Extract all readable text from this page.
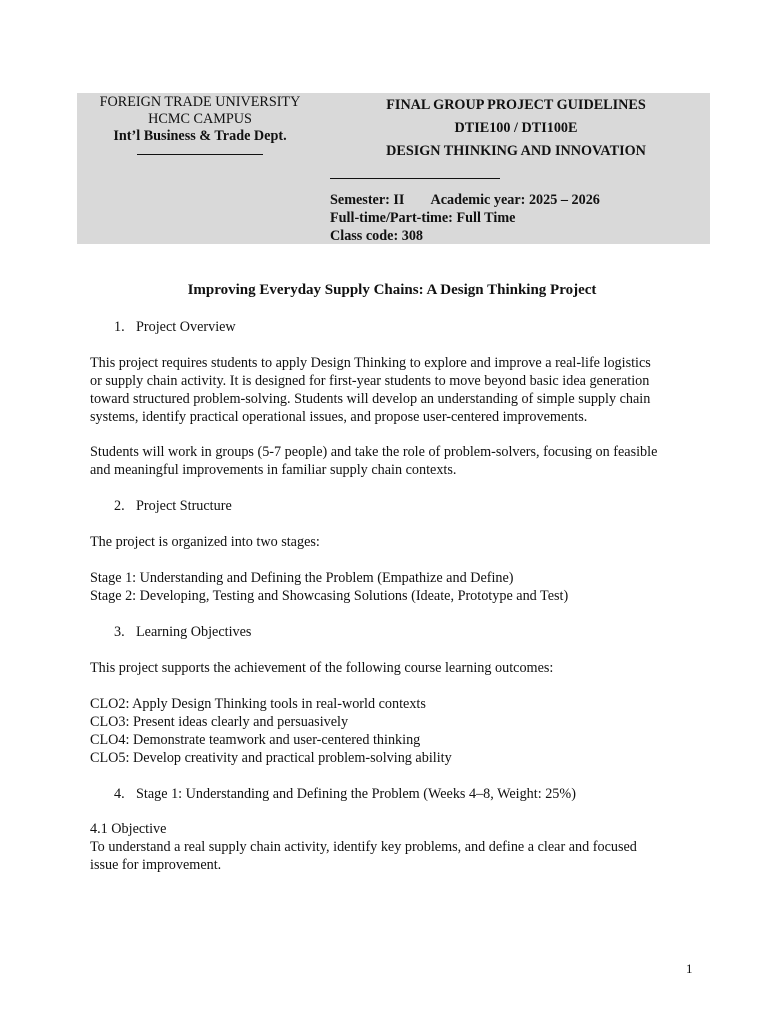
FOREIGN TRADE UNIVERSITY
HCMC CAMPUS
Int’l Business & Trade Dept.
FINAL GROUP PROJECT GUIDELINES
DTIE100 / DTI100E
DESIGN THINKING AND INNOVATION
Semester: II Academic year: 2025 – 2026
Full-time/Part-time: Full Time
Class code: 308
Improving Everyday Supply Chains: A Design Thinking Project
1. Project Overview

This project requires students to apply Design Thinking to explore and improve a real-life logistics
or supply chain activity. It is designed for first-year students to move beyond basic idea generation
toward structured problem-solving. Students will develop an understanding of simple supply chain
systems, identify practical operational issues, and propose user-centered improvements.

Students will work in groups (5-7 people) and take the role of problem-solvers, focusing on feasible
and meaningful improvements in familiar supply chain contexts.

2. Project Structure

The project is organized into two stages:

Stage 1: Understanding and Defining the Problem (Empathize and Define)
Stage 2: Developing, Testing and Showcasing Solutions (Ideate, Prototype and Test)

3. Learning Objectives

This project supports the achievement of the following course learning outcomes:

CLO2: Apply Design Thinking tools in real-world contexts
CLO3: Present ideas clearly and persuasively
CLO4: Demonstrate teamwork and user-centered thinking
CLO5: Develop creativity and practical problem-solving ability

4. Stage 1: Understanding and Defining the Problem (Weeks 4–8, Weight: 25%)

4.1 Objective
To understand a real supply chain activity, identify key problems, and define a clear and focused
issue for improvement.

1
